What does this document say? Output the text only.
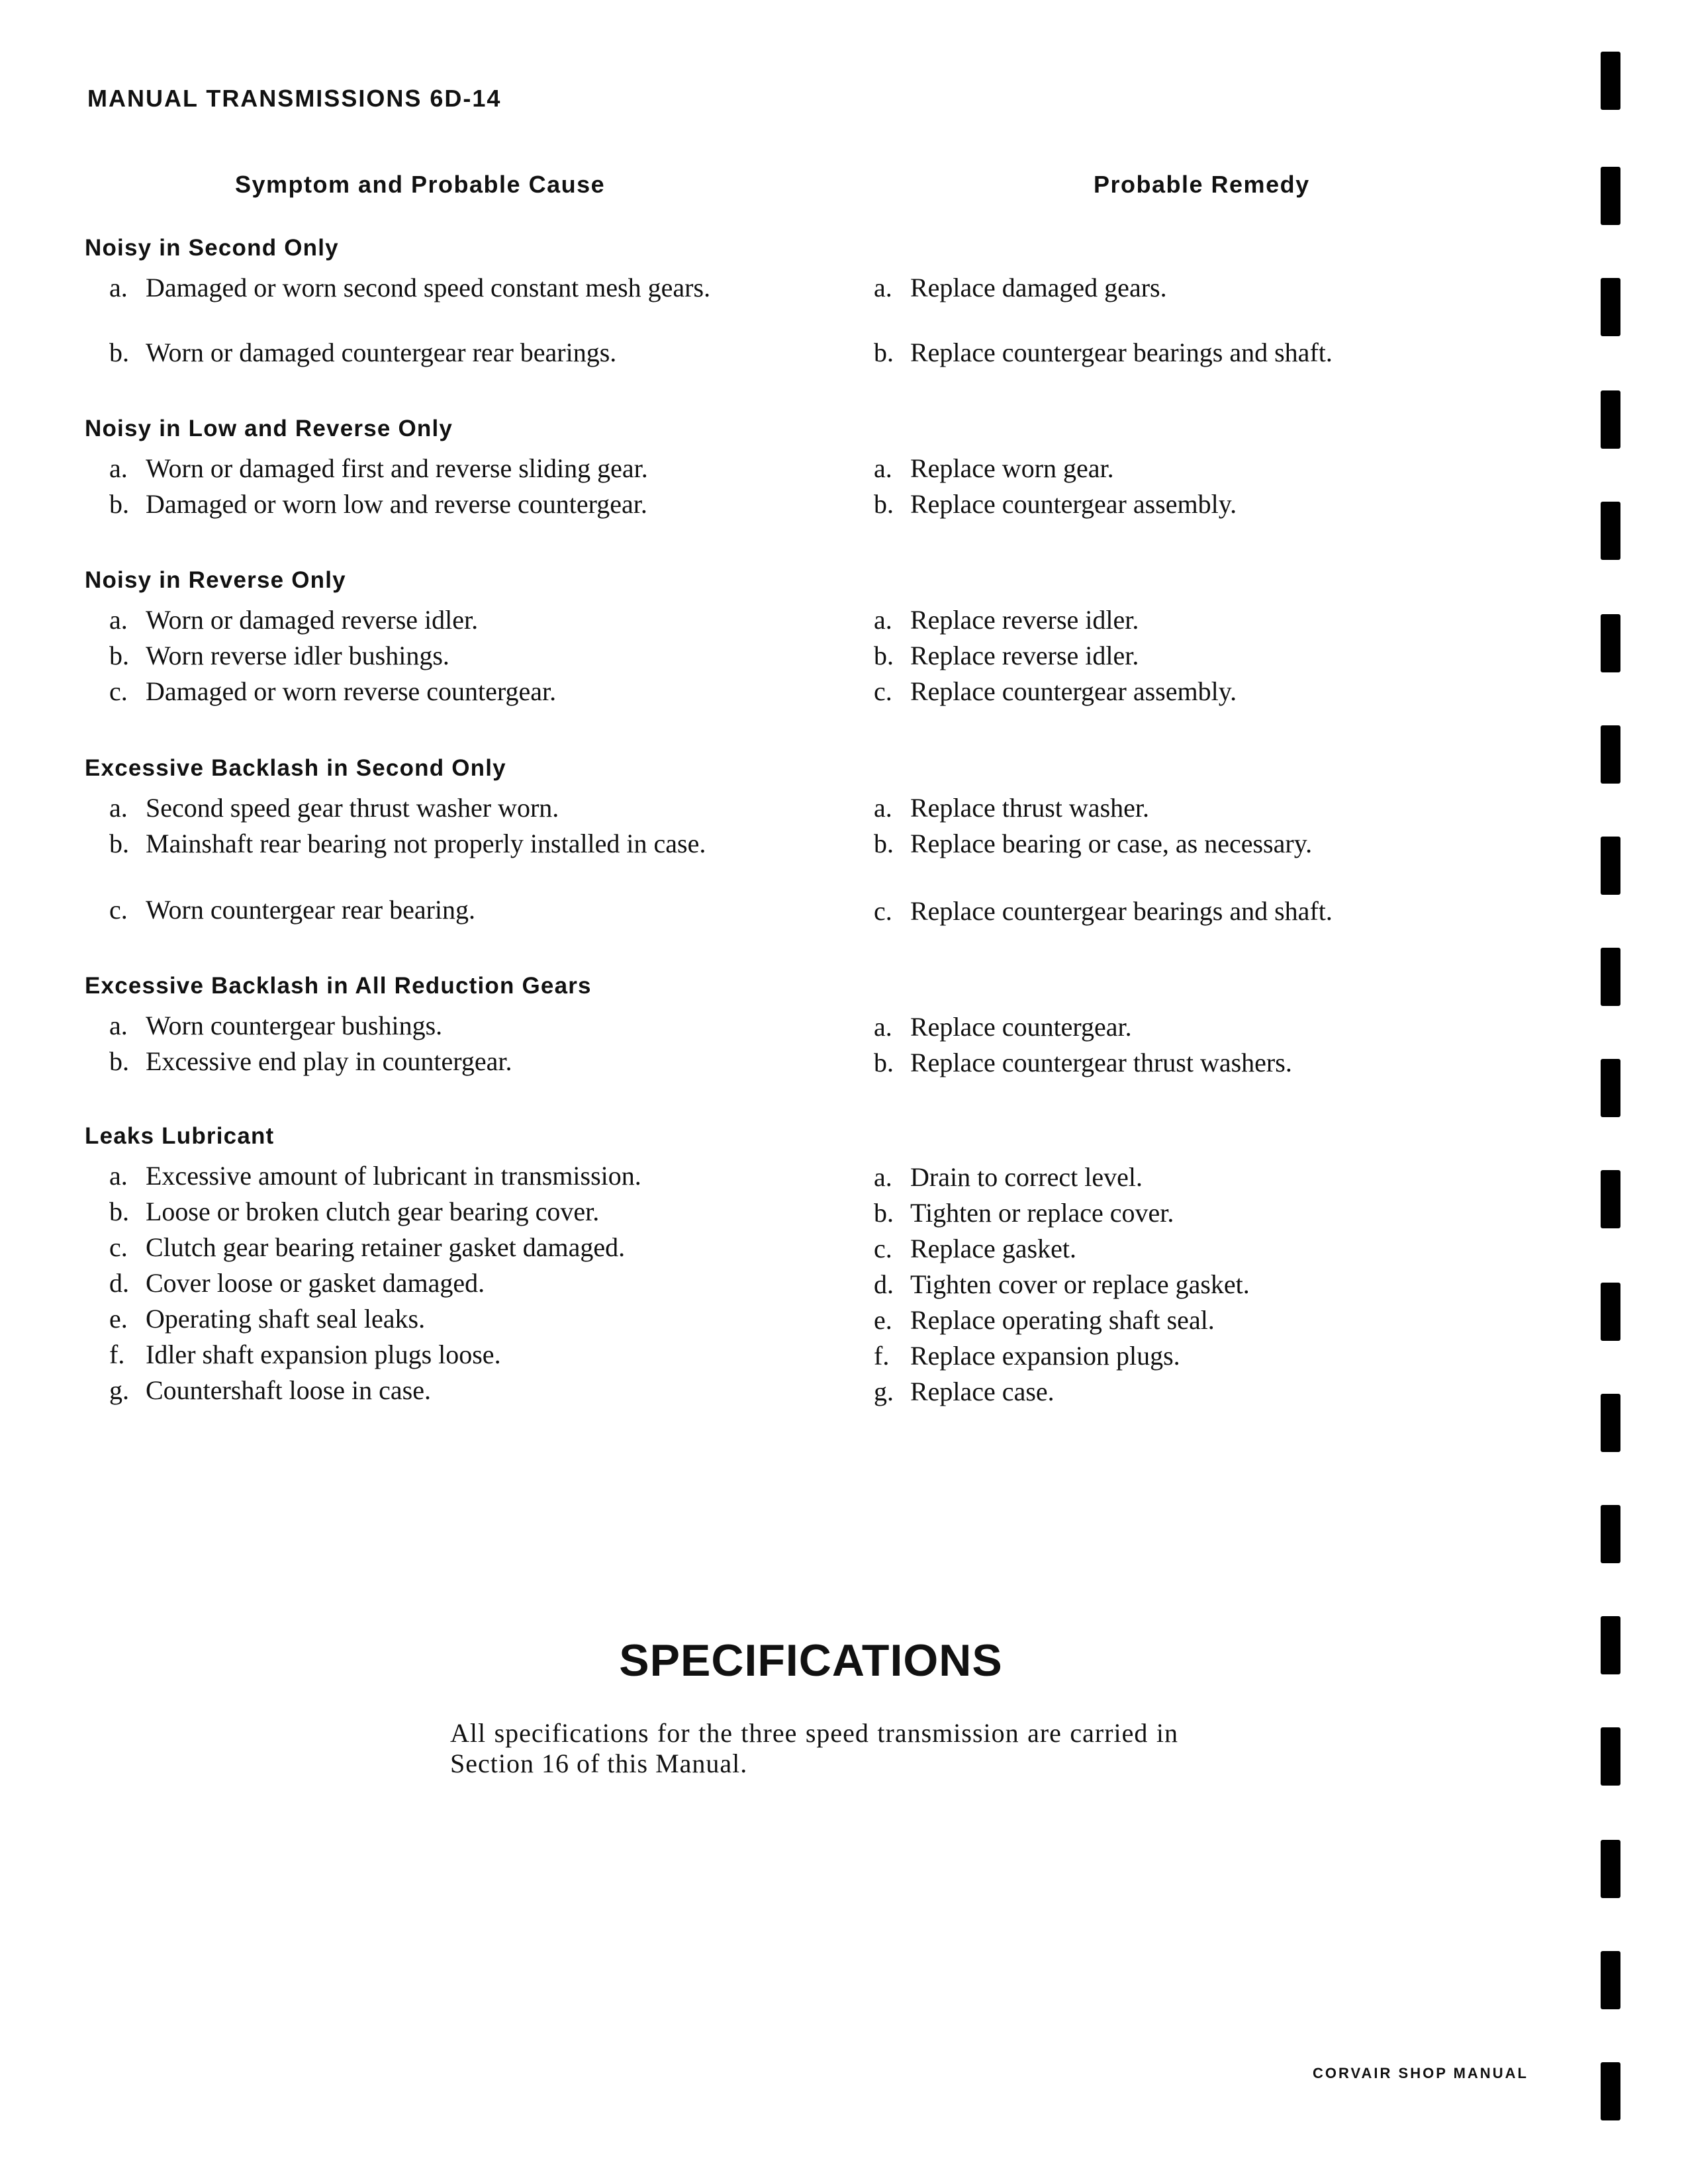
MANUAL TRANSMISSIONS 6D-14
Symptom and Probable Cause	Probable Remedy
Noisy in Second Only
a. Damaged or worn second speed constant mesh gears.
b. Worn or damaged countergear rear bearings.
a. Replace damaged gears.
b. Replace countergear bearings and shaft.
Noisy in Low and Reverse Only
a. Worn or damaged first and reverse sliding gear.
b. Damaged or worn low and reverse countergear.
a. Replace worn gear.
b. Replace countergear assembly.
Noisy in Reverse Only
a. Worn or damaged reverse idler.
b. Worn reverse idler bushings.
c. Damaged or worn reverse countergear.
a. Replace reverse idler.
b. Replace reverse idler.
c. Replace countergear assembly.
Excessive Backlash in Second Only
a. Second speed gear thrust washer worn.
b. Mainshaft rear bearing not properly installed in case.
c. Worn countergear rear bearing.
a. Replace thrust washer.
b. Replace bearing or case, as necessary.
c. Replace countergear bearings and shaft.
Excessive Backlash in All Reduction Gears
a. Worn countergear bushings.
b. Excessive end play in countergear.
a. Replace countergear.
b. Replace countergear thrust washers.
Leaks Lubricant
a. Excessive amount of lubricant in transmission.
b. Loose or broken clutch gear bearing cover.
c. Clutch gear bearing retainer gasket damaged.
d. Cover loose or gasket damaged.
e. Operating shaft seal leaks.
f. Idler shaft expansion plugs loose.
g. Countershaft loose in case.
a. Drain to correct level.
b. Tighten or replace cover.
c. Replace gasket.
d. Tighten cover or replace gasket.
e. Replace operating shaft seal.
f. Replace expansion plugs.
g. Replace case.
SPECIFICATIONS
All specifications for the three speed transmission are carried in Section 16 of this Manual.
CORVAIR SHOP MANUAL
